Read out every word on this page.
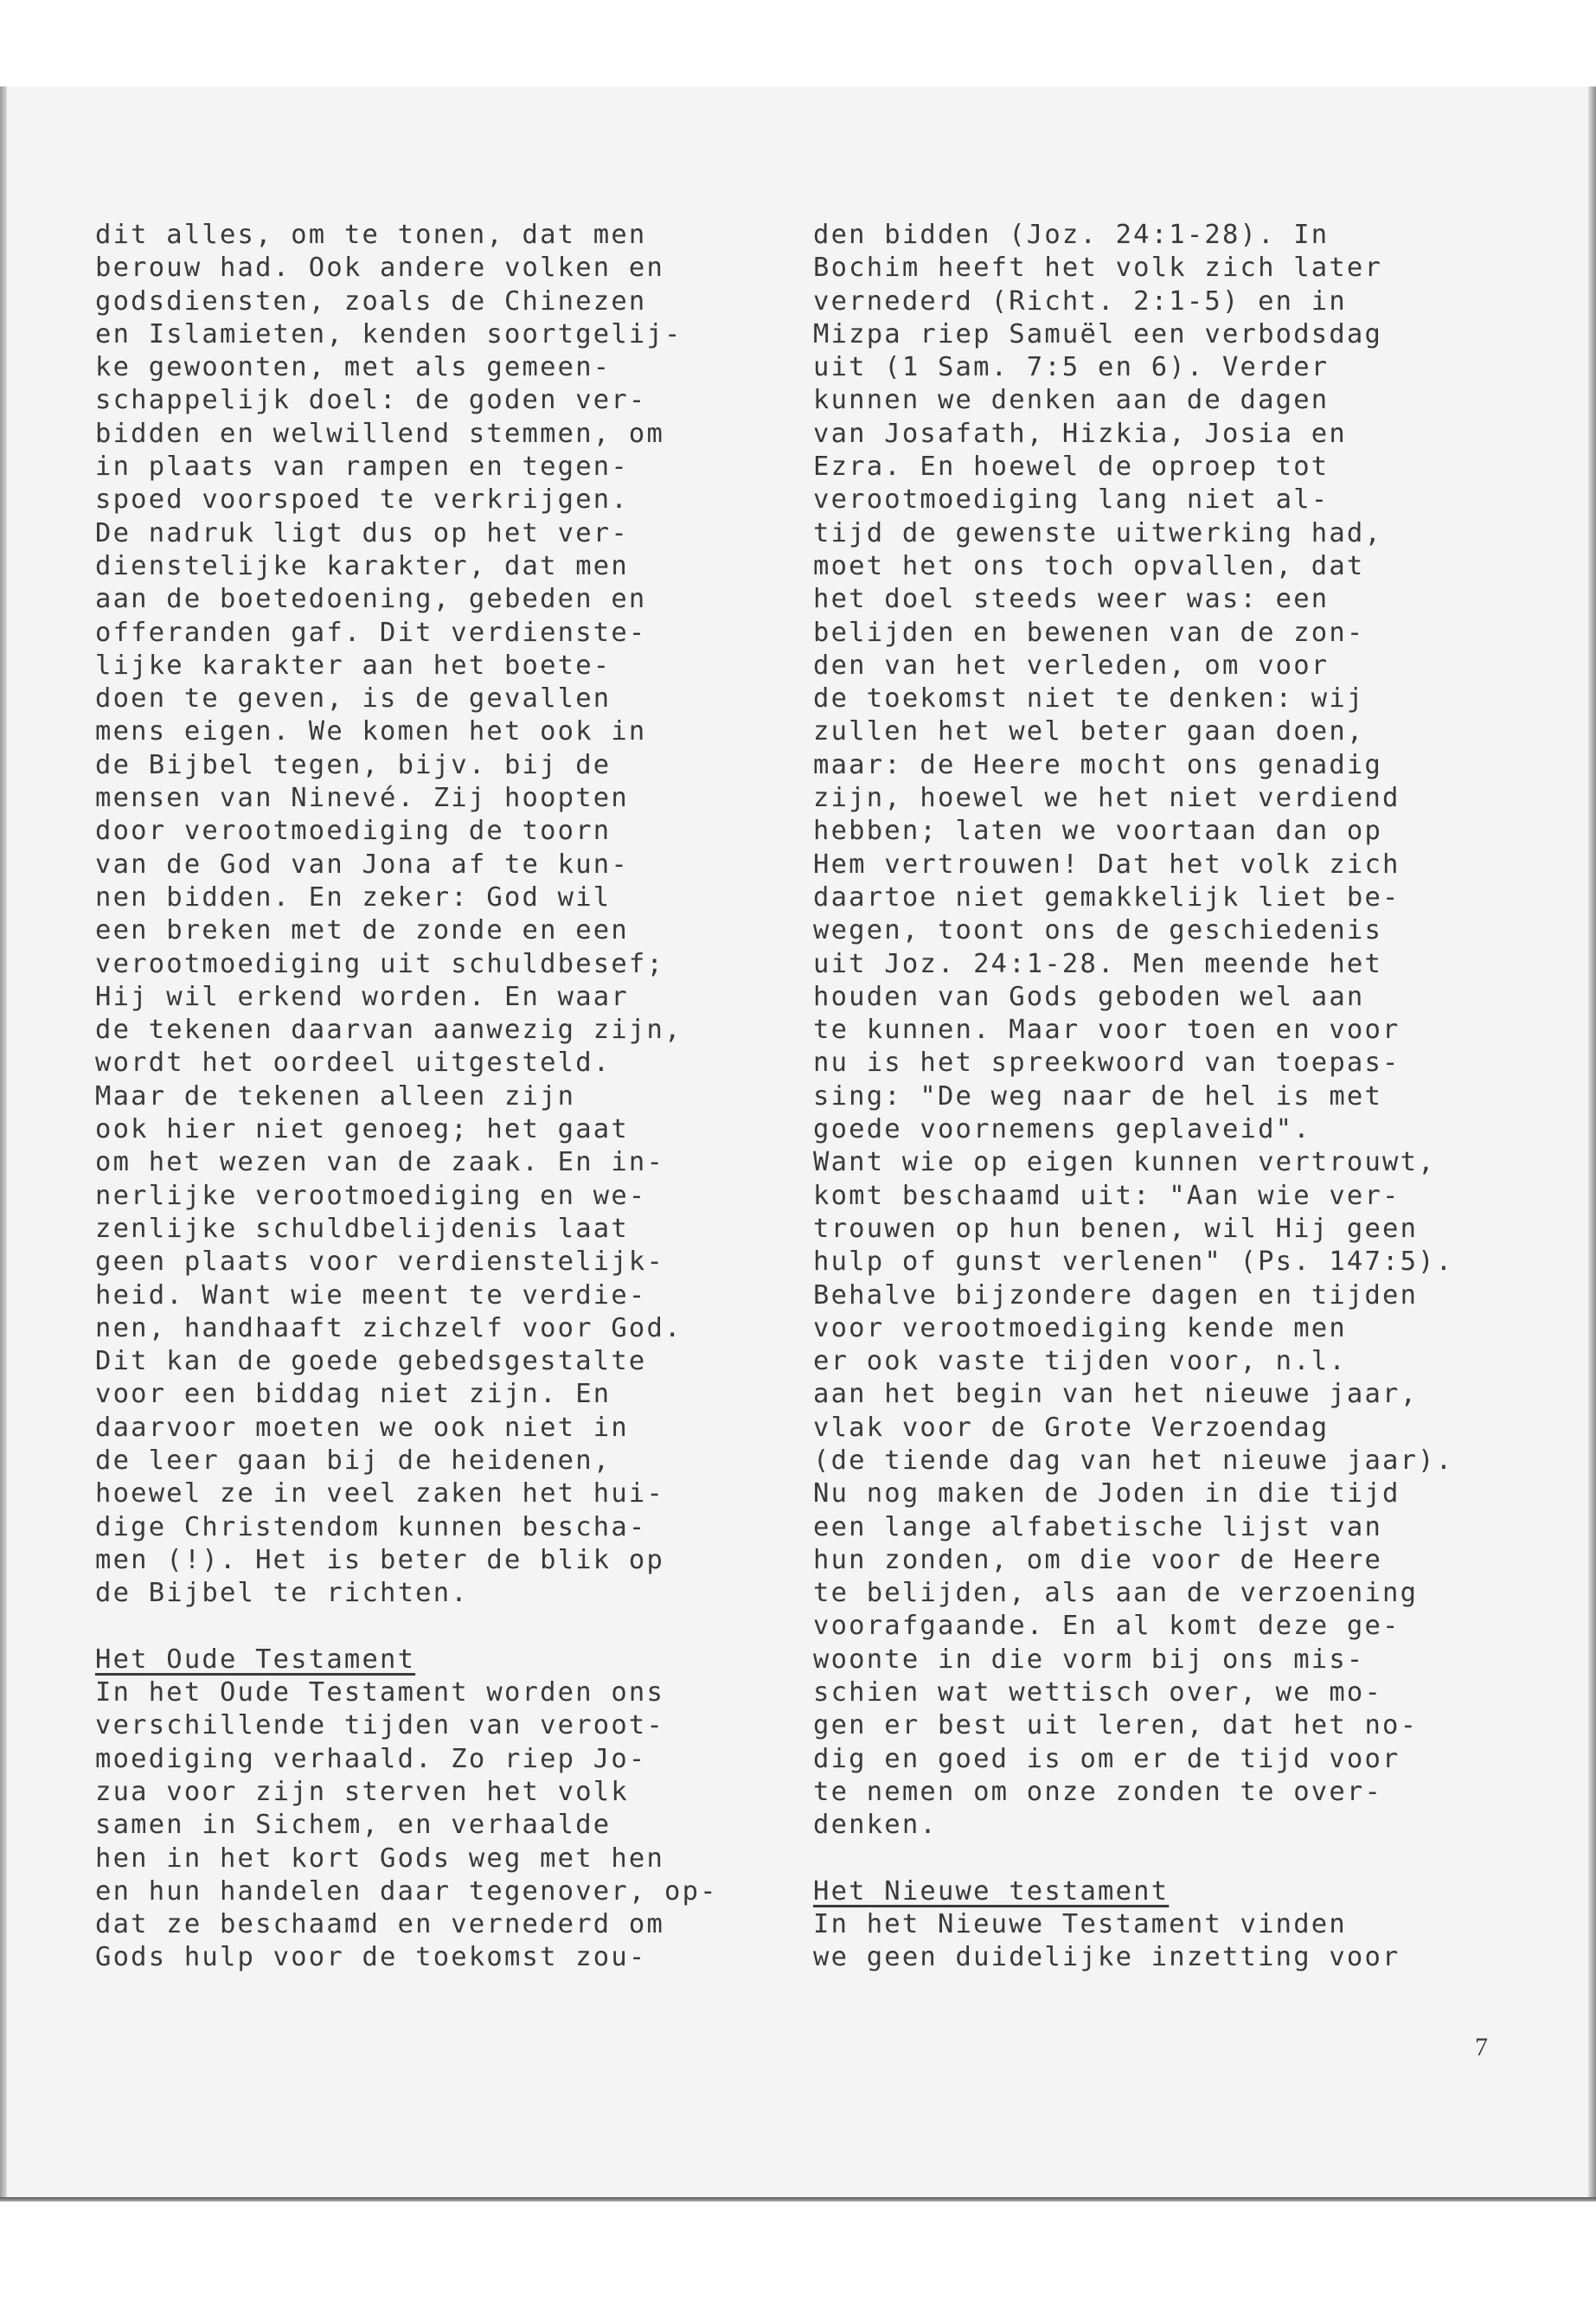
dit alles, om te tonen, dat men
berouw had. Ook andere volken en
godsdiensten, zoals de Chinezen
en Islamieten, kenden soortgelij-
ke gewoonten, met als gemeen-
schappelijk doel: de goden ver-
bidden en welwillend stemmen, om
in plaats van rampen en tegen-
spoed voorspoed te verkrijgen.
De nadruk ligt dus op het ver-
dienstelijke karakter, dat men
aan de boetedoening, gebeden en
offeranden gaf. Dit verdienste-
lijke karakter aan het boete-
doen te geven, is de gevallen
mens eigen. We komen het ook in
de Bijbel tegen, bijv. bij de
mensen van Ninevé. Zij hoopten
door verootmoediging de toorn
van de God van Jona af te kun-
nen bidden. En zeker: God wil
een breken met de zonde en een
verootmoediging uit schuldbesef;
Hij wil erkend worden. En waar
de tekenen daarvan aanwezig zijn,
wordt het oordeel uitgesteld.
Maar de tekenen alleen zijn
ook hier niet genoeg; het gaat
om het wezen van de zaak. En in-
nerlijke verootmoediging en we-
zenlijke schuldbelijdenis laat
geen plaats voor verdienstelijk-
heid. Want wie meent te verdie-
nen, handhaaft zichzelf voor God.
Dit kan de goede gebedsgestalte
voor een biddag niet zijn. En
daarvoor moeten we ook niet in
de leer gaan bij de heidenen,
hoewel ze in veel zaken het hui-
dige Christendom kunnen bescha-
men (!). Het is beter de blik op
de Bijbel te richten.
Het Oude Testament
In het Oude Testament worden ons
verschillende tijden van veroot-
moediging verhaald. Zo riep Jo-
zua voor zijn sterven het volk
samen in Sichem, en verhaalde
hen in het kort Gods weg met hen
en hun handelen daar tegenover, op-
dat ze beschaamd en vernederd om
Gods hulp voor de toekomst zou-
den bidden (Joz. 24:1-28). In
Bochim heeft het volk zich later
vernederd (Richt. 2:1-5) en in
Mizpa riep Samuël een verbodsdag
uit (1 Sam. 7:5 en 6). Verder
kunnen we denken aan de dagen
van Josafath, Hizkia, Josia en
Ezra. En hoewel de oproep tot
verootmoediging lang niet al-
tijd de gewenste uitwerking had,
moet het ons toch opvallen, dat
het doel steeds weer was: een
belijden en bewenen van de zon-
den van het verleden, om voor
de toekomst niet te denken: wij
zullen het wel beter gaan doen,
maar: de Heere mocht ons genadig
zijn, hoewel we het niet verdiend
hebben; laten we voortaan dan op
Hem vertrouwen! Dat het volk zich
daartoe niet gemakkelijk liet be-
wegen, toont ons de geschiedenis
uit Joz. 24:1-28. Men meende het
houden van Gods geboden wel aan
te kunnen. Maar voor toen en voor
nu is het spreekwoord van toepas-
sing: "De weg naar de hel is met
goede voornemens geplaveid".
Want wie op eigen kunnen vertrouwt,
komt beschaamd uit: "Aan wie ver-
trouwen op hun benen, wil Hij geen
hulp of gunst verlenen" (Ps. 147:5).
Behalve bijzondere dagen en tijden
voor verootmoediging kende men
er ook vaste tijden voor, n.l.
aan het begin van het nieuwe jaar,
vlak voor de Grote Verzoendag
(de tiende dag van het nieuwe jaar).
Nu nog maken de Joden in die tijd
een lange alfabetische lijst van
hun zonden, om die voor de Heere
te belijden, als aan de verzoening
voorafgaande. En al komt deze ge-
woonte in die vorm bij ons mis-
schien wat wettisch over, we mo-
gen er best uit leren, dat het no-
dig en goed is om er de tijd voor
te nemen om onze zonden te over-
denken.
Het Nieuwe testament
In het Nieuwe Testament vinden
we geen duidelijke inzetting voor
7
